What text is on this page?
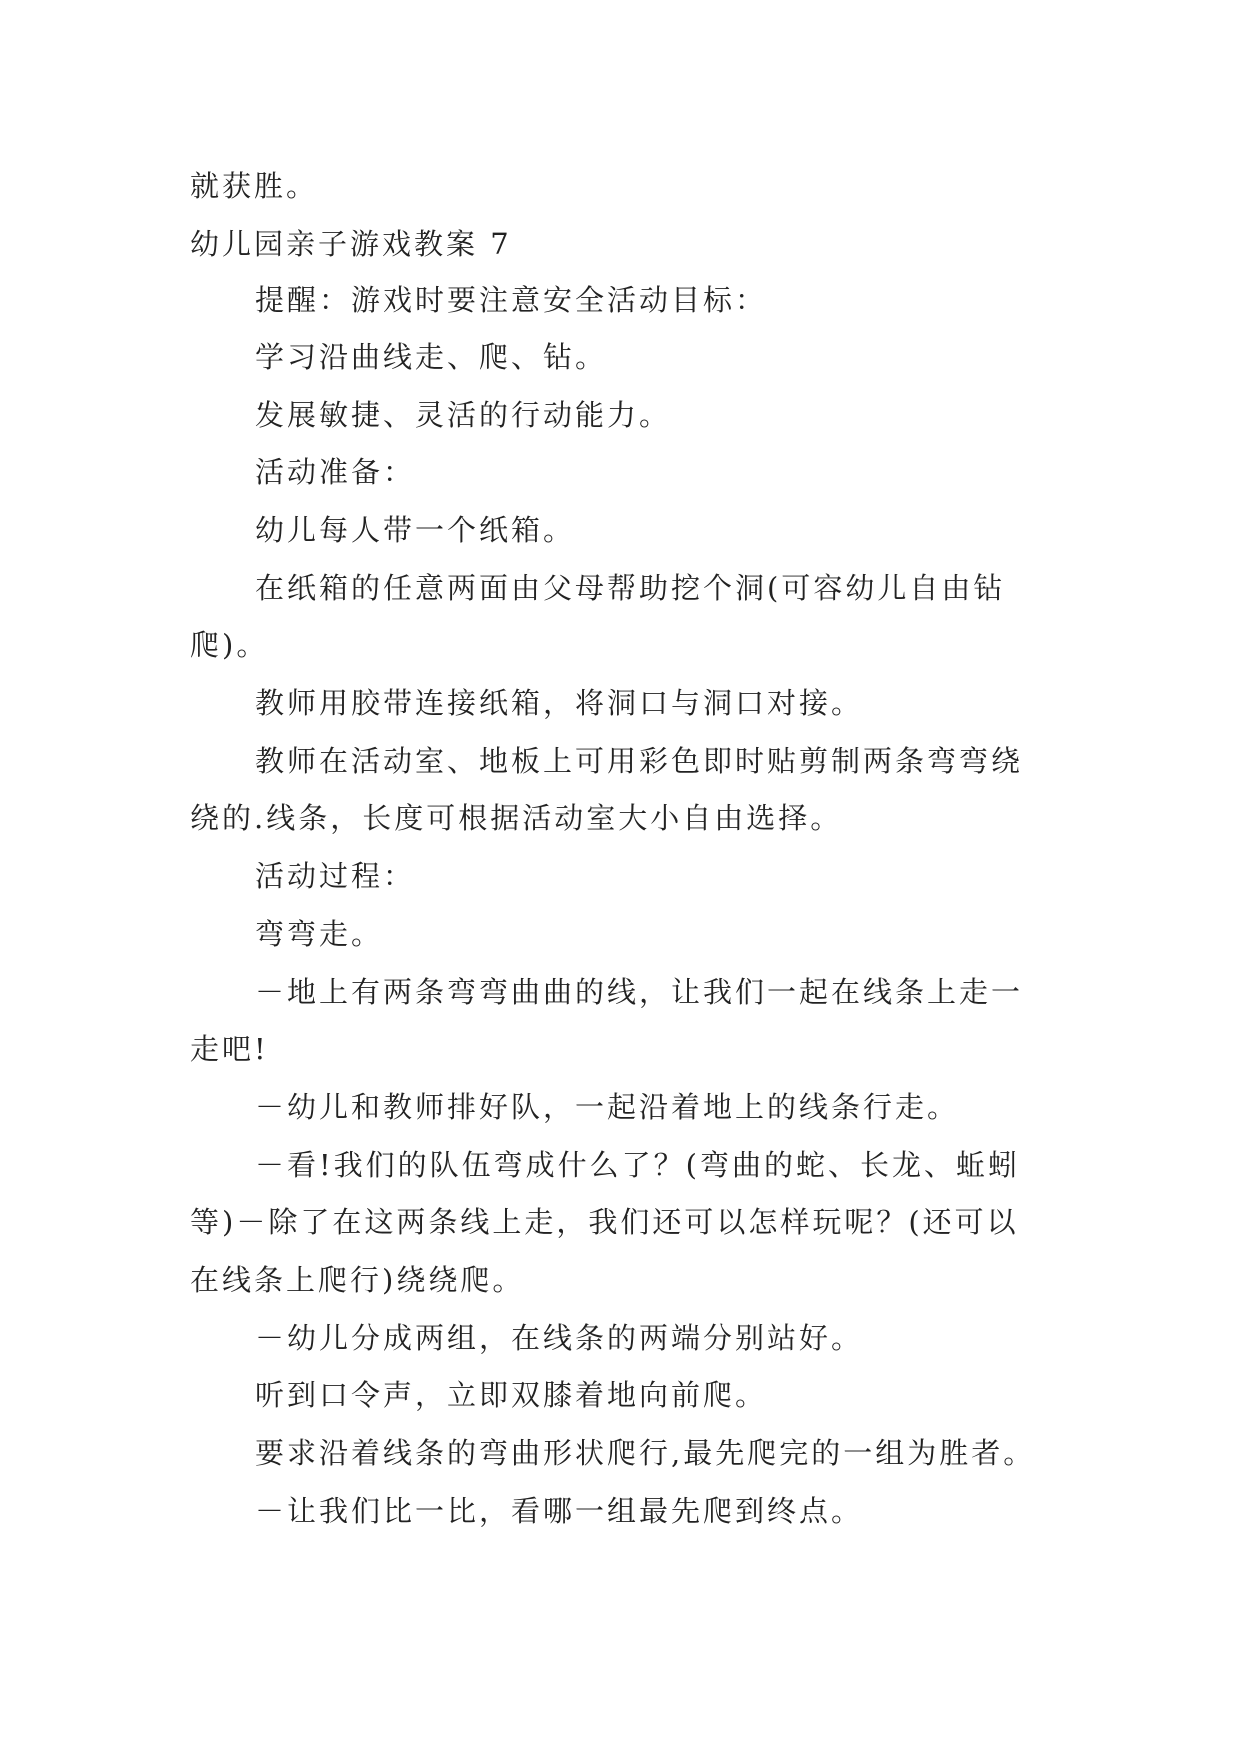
就获胜。
幼儿园亲子游戏教案 7
提醒：游戏时要注意安全活动目标：
学习沿曲线走、爬、钻。
发展敏捷、灵活的行动能力。
活动准备：
幼儿每人带一个纸箱。
在纸箱的任意两面由父母帮助挖个洞(可容幼儿自由钻
爬)。
教师用胶带连接纸箱，将洞口与洞口对接。
教师在活动室、地板上可用彩色即时贴剪制两条弯弯绕
绕的.线条，长度可根据活动室大小自由选择。
活动过程：
弯弯走。
－地上有两条弯弯曲曲的线，让我们一起在线条上走一
走吧!
－幼儿和教师排好队，一起沿着地上的线条行走。
－看!我们的队伍弯成什么了？(弯曲的蛇、长龙、蚯蚓
等)－除了在这两条线上走，我们还可以怎样玩呢？(还可以
在线条上爬行)绕绕爬。
－幼儿分成两组，在线条的两端分别站好。
听到口令声，立即双膝着地向前爬。
要求沿着线条的弯曲形状爬行,最先爬完的一组为胜者。
－让我们比一比，看哪一组最先爬到终点。
